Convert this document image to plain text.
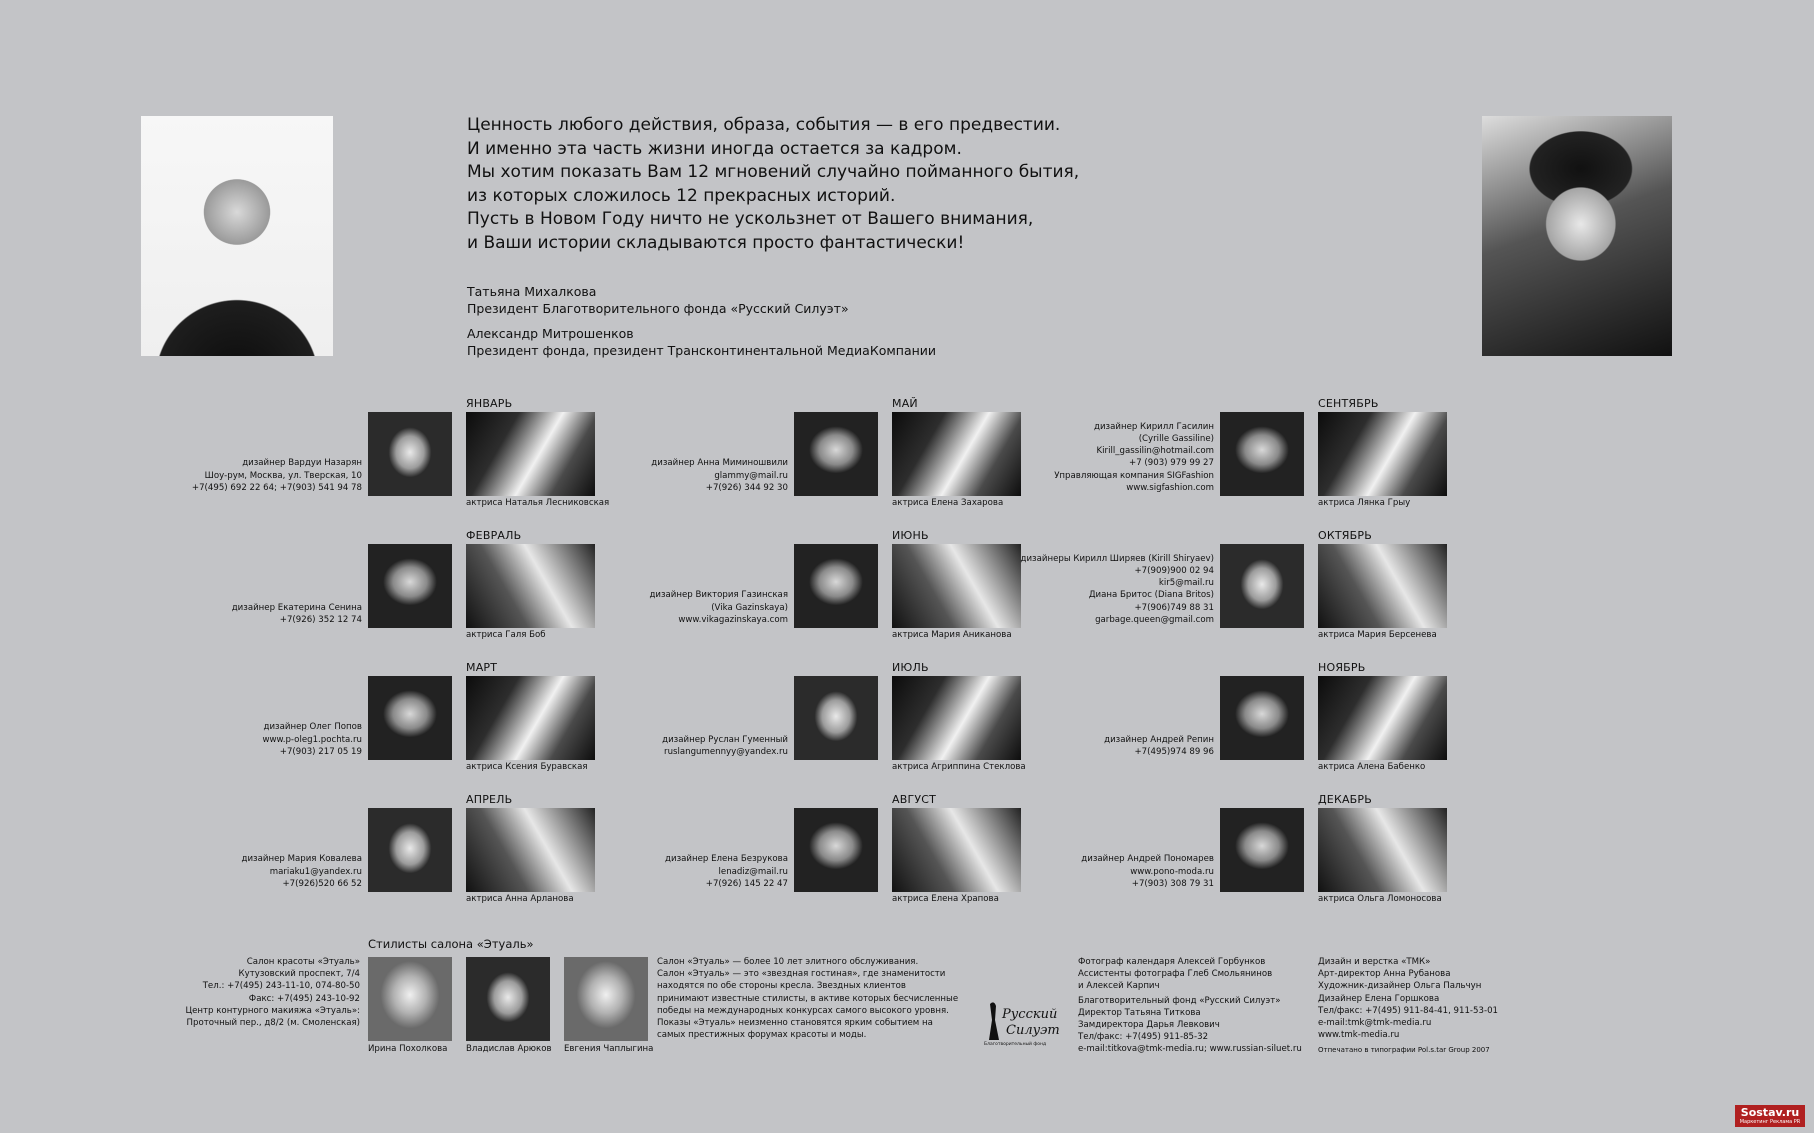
Ценность любого действия, образа, события — в его предвестии.
И именно эта часть жизни иногда остается за кадром.
Мы хотим показать Вам 12 мгновений случайно пойманного бытия,
из которых сложилось 12 прекрасных историй.
Пусть в Новом Году ничто не ускользнет от Вашего внимания,
и Ваши истории складываются просто фантастически!
Татьяна Михалкова
Президент Благотворительного фонда «Русский Силуэт»
Александр Митрошенков
Президент фонда, президент Трансконтинентальной МедиаКомпании
ЯНВАРЬ
актриса Наталья Лесниковская
дизайнер Вардуи Назарян
Шоу-рум, Москва, ул. Тверская, 10
+7(495) 692 22 64; +7(903) 541 94 78
ФЕВРАЛЬ
актриса Галя Боб
дизайнер Екатерина Сенина
+7(926) 352 12 74
МАРТ
актриса Ксения Буравская
дизайнер Олег Попов
www.p-oleg1.pochta.ru
+7(903) 217 05 19
АПРЕЛЬ
актриса Анна Арланова
дизайнер Мария Ковалева
mariaku1@yandex.ru
+7(926)520 66 52
МАЙ
актриса Елена Захарова
дизайнер Анна Миминошвили
glammy@mail.ru
+7(926) 344 92 30
ИЮНЬ
актриса Мария Аниканова
дизайнер Виктория Газинская
(Vika Gazinskaya)
www.vikagazinskaya.com
ИЮЛЬ
актриса Агриппина Стеклова
дизайнер Руслан Гуменный
ruslangumennyy@yandex.ru
АВГУСТ
актриса Елена Храпова
дизайнер Елена Безрукова
lenadiz@mail.ru
+7(926) 145 22 47
СЕНТЯБРЬ
актриса Лянка Грыу
дизайнер Кирилл Гасилин
(Cyrille Gassiline)
Kirill_gassilin@hotmail.com
+7 (903) 979 99 27
Управляющая компания SIGFashion
www.sigfashion.com
ОКТЯБРЬ
актриса Мария Берсенева
дизайнеры Кирилл Ширяев (Kirill Shiryaev)
+7(909)900 02 94
kir5@mail.ru
Диана Бритос (Diana Britos)
+7(906)749 88 31
garbage.queen@gmail.com
НОЯБРЬ
актриса Алена Бабенко
дизайнер Андрей Репин
+7(495)974 89 96
ДЕКАБРЬ
актриса Ольга Ломоносова
дизайнер Андрей Пономарев
www.pono-moda.ru
+7(903) 308 79 31
Стилисты салона «Этуаль»
Салон красоты «Этуаль»
Кутузовский проспект, 7/4
Тел.: +7(495) 243-11-10, 074-80-50
Факс: +7(495) 243-10-92
Центр контурного макияжа «Этуаль»:
Проточный пер., д8/2 (м. Смоленская)
Ирина Похолкова Владислав Арюков Евгения Чаплыгина
Салон «Этуаль» — более 10 лет элитного обслуживания.
Салон «Этуаль» — это «звездная гостиная», где знаменитости
находятся по обе стороны кресла. Звездных клиентов
принимают известные стилисты, в активе которых бесчисленные
победы на международных конкурсах самого высокого уровня.
Показы «Этуаль» неизменно становятся ярким событием на
самых престижных форумах красоты и моды.
Русский
Силуэт
Благотворительный фонд
Фотограф календаря Алексей Горбунков
Ассистенты фотографа Глеб Смольянинов
и Алексей Карпич
Благотворительный фонд «Русский Силуэт»
Директор Татьяна Титкова
Замдиректора Дарья Левкович
Тел/факс: +7(495) 911-85-32
e-mail:titkova@tmk-media.ru; www.russian-siluet.ru
Дизайн и верстка «ТМК»
Арт-директор Анна Рубанова
Художник-дизайнер Ольга Пальчун
Дизайнер Елена Горшкова
Тел/факс: +7(495) 911-84-41, 911-53-01
e-mail:tmk@tmk-media.ru
www.tmk-media.ru
Отпечатано в типографии Pol.s.tar Group 2007
Sostav.ru
Маркетинг Реклама PR
